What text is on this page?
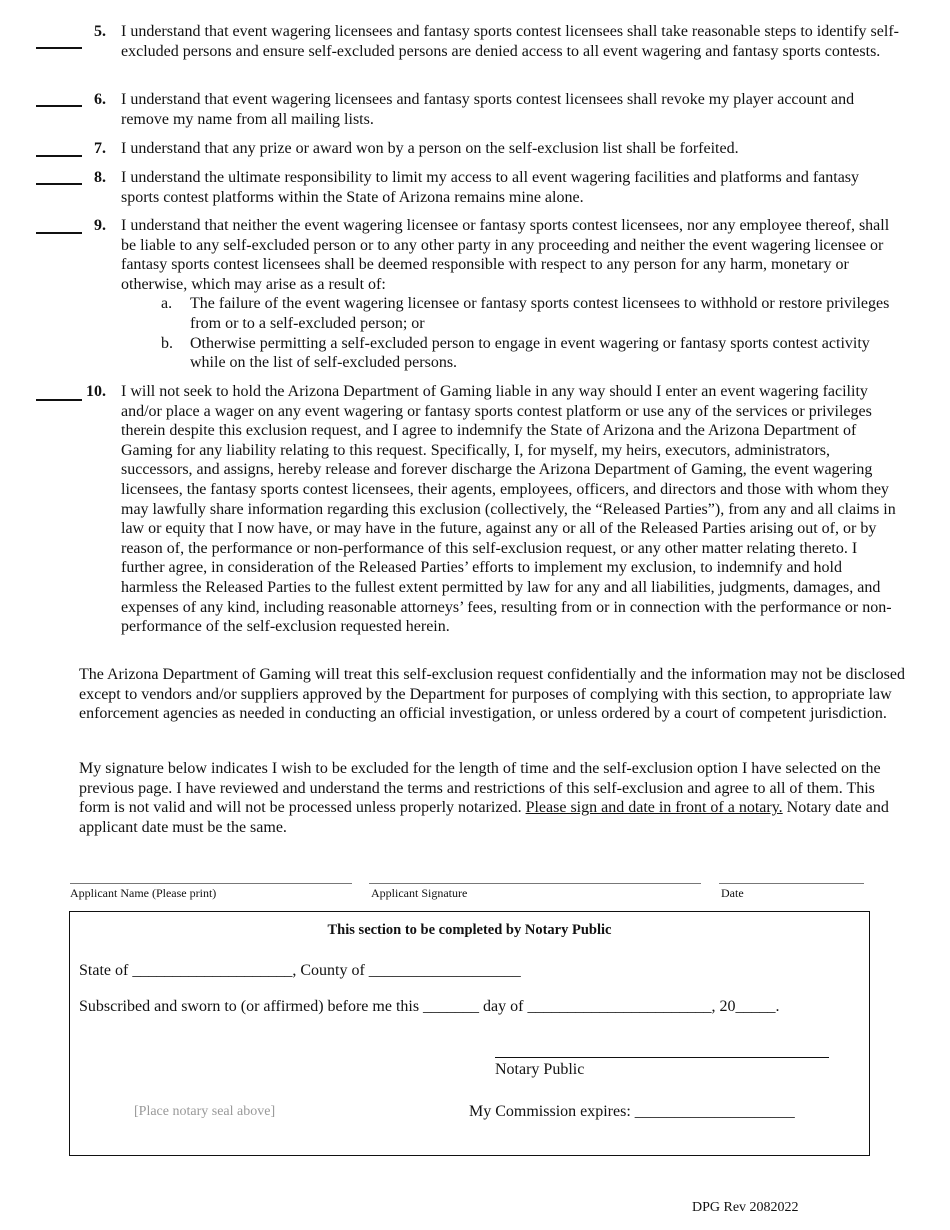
5. I understand that event wagering licensees and fantasy sports contest licensees shall take reasonable steps to identify self-excluded persons and ensure self-excluded persons are denied access to all event wagering and fantasy sports contests.
6. I understand that event wagering licensees and fantasy sports contest licensees shall revoke my player account and remove my name from all mailing lists.
7. I understand that any prize or award won by a person on the self-exclusion list shall be forfeited.
8. I understand the ultimate responsibility to limit my access to all event wagering facilities and platforms and fantasy sports contest platforms within the State of Arizona remains mine alone.
9. I understand that neither the event wagering licensee or fantasy sports contest licensees, nor any employee thereof, shall be liable to any self-excluded person or to any other party in any proceeding and neither the event wagering licensee or fantasy sports contest licensees shall be deemed responsible with respect to any person for any harm, monetary or otherwise, which may arise as a result of:
a. The failure of the event wagering licensee or fantasy sports contest licensees to withhold or restore privileges from or to a self-excluded person; or
b. Otherwise permitting a self-excluded person to engage in event wagering or fantasy sports contest activity while on the list of self-excluded persons.
10. I will not seek to hold the Arizona Department of Gaming liable in any way should I enter an event wagering facility and/or place a wager on any event wagering or fantasy sports contest platform or use any of the services or privileges therein despite this exclusion request, and I agree to indemnify the State of Arizona and the Arizona Department of Gaming for any liability relating to this request. Specifically, I, for myself, my heirs, executors, administrators, successors, and assigns, hereby release and forever discharge the Arizona Department of Gaming, the event wagering licensees, the fantasy sports contest licensees, their agents, employees, officers, and directors and those with whom they may lawfully share information regarding this exclusion (collectively, the “Released Parties”), from any and all claims in law or equity that I now have, or may have in the future, against any or all of the Released Parties arising out of, or by reason of, the performance or non-performance of this self-exclusion request, or any other matter relating thereto. I further agree, in consideration of the Released Parties’ efforts to implement my exclusion, to indemnify and hold harmless the Released Parties to the fullest extent permitted by law for any and all liabilities, judgments, damages, and expenses of any kind, including reasonable attorneys’ fees, resulting from or in connection with the performance or non-performance of the self-exclusion requested herein.
The Arizona Department of Gaming will treat this self-exclusion request confidentially and the information may not be disclosed except to vendors and/or suppliers approved by the Department for purposes of complying with this section, to appropriate law enforcement agencies as needed in conducting an official investigation, or unless ordered by a court of competent jurisdiction.
My signature below indicates I wish to be excluded for the length of time and the self-exclusion option I have selected on the previous page. I have reviewed and understand the terms and restrictions of this self-exclusion and agree to all of them. This form is not valid and will not be processed unless properly notarized. Please sign and date in front of a notary. Notary date and applicant date must be the same.
Applicant Name (Please print)	Applicant Signature	Date
This section to be completed by Notary Public
State of ____________________, County of ___________________
Subscribed and sworn to (or affirmed) before me this _______ day of _______________________, 20_____.
Notary Public
[Place notary seal above]	My Commission expires: ____________________
DPG Rev 2082022
